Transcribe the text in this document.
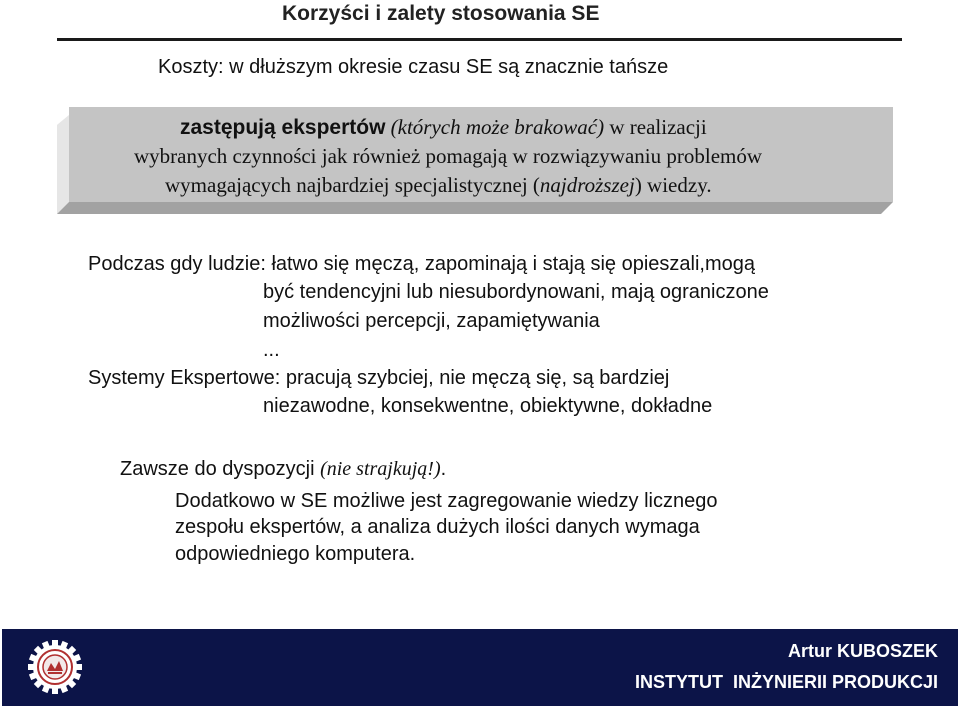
Korzyści i zalety stosowania SE
Koszty: w dłuższym okresie czasu SE są znacznie tańsze
zastępują ekspertów (których może brakować) w realizacji
wybranych czynności jak również pomagają w rozwiązywaniu problemów
wymagających najbardziej specjalistycznej (najdroższej) wiedzy.
Podczas gdy ludzie: łatwo się męczą, zapominają i stają się opieszali,mogą
być tendencyjni lub niesubordynowani, mają ograniczone
możliwości percepcji, zapamiętywania
...
Systemy Ekspertowe: pracują szybciej, nie męczą się, są bardziej
niezawodne, konsekwentne, obiektywne, dokładne
Zawsze do dyspozycji (nie strajkują!).
Dodatkowo w SE możliwe jest zagregowanie wiedzy licznego
zespołu ekspertów, a analiza dużych ilości danych wymaga
odpowiedniego komputera.
Artur KUBOSZEK
INSTYTUT  INŻYNIERII PRODUKCJI
